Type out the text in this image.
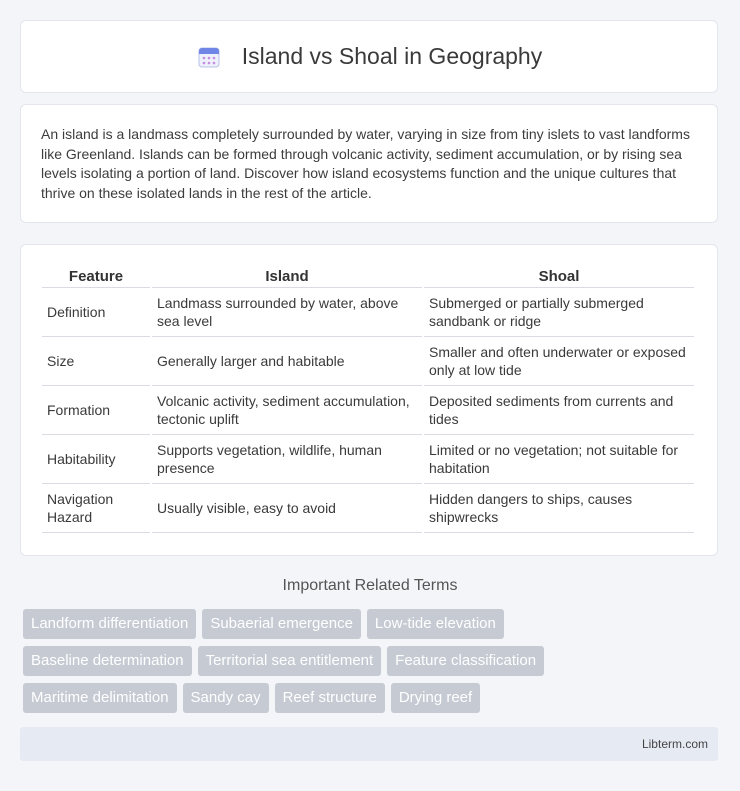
Island vs Shoal in Geography

An island is a landmass completely surrounded by water, varying in size from tiny islets to vast landforms like Greenland. Islands can be formed through volcanic activity, sediment accumulation, or by rising sea levels isolating a portion of land. Discover how island ecosystems function and the unique cultures that thrive on these isolated lands in the rest of the article.

Feature	Island	Shoal
Definition	Landmass surrounded by water, above sea level	Submerged or partially submerged sandbank or ridge
Size	Generally larger and habitable	Smaller and often underwater or exposed only at low tide
Formation	Volcanic activity, sediment accumulation, tectonic uplift	Deposited sediments from currents and tides
Habitability	Supports vegetation, wildlife, human presence	Limited or no vegetation; not suitable for habitation
Navigation Hazard	Usually visible, easy to avoid	Hidden dangers to ships, causes shipwrecks
Important Related Terms
Landform differentiation	Subaerial emergence	Low-tide elevation
Baseline determination	Territorial sea entitlement	Feature classification
Maritime delimitation	Sandy cay	Reef structure	Drying reef
Libterm.com
